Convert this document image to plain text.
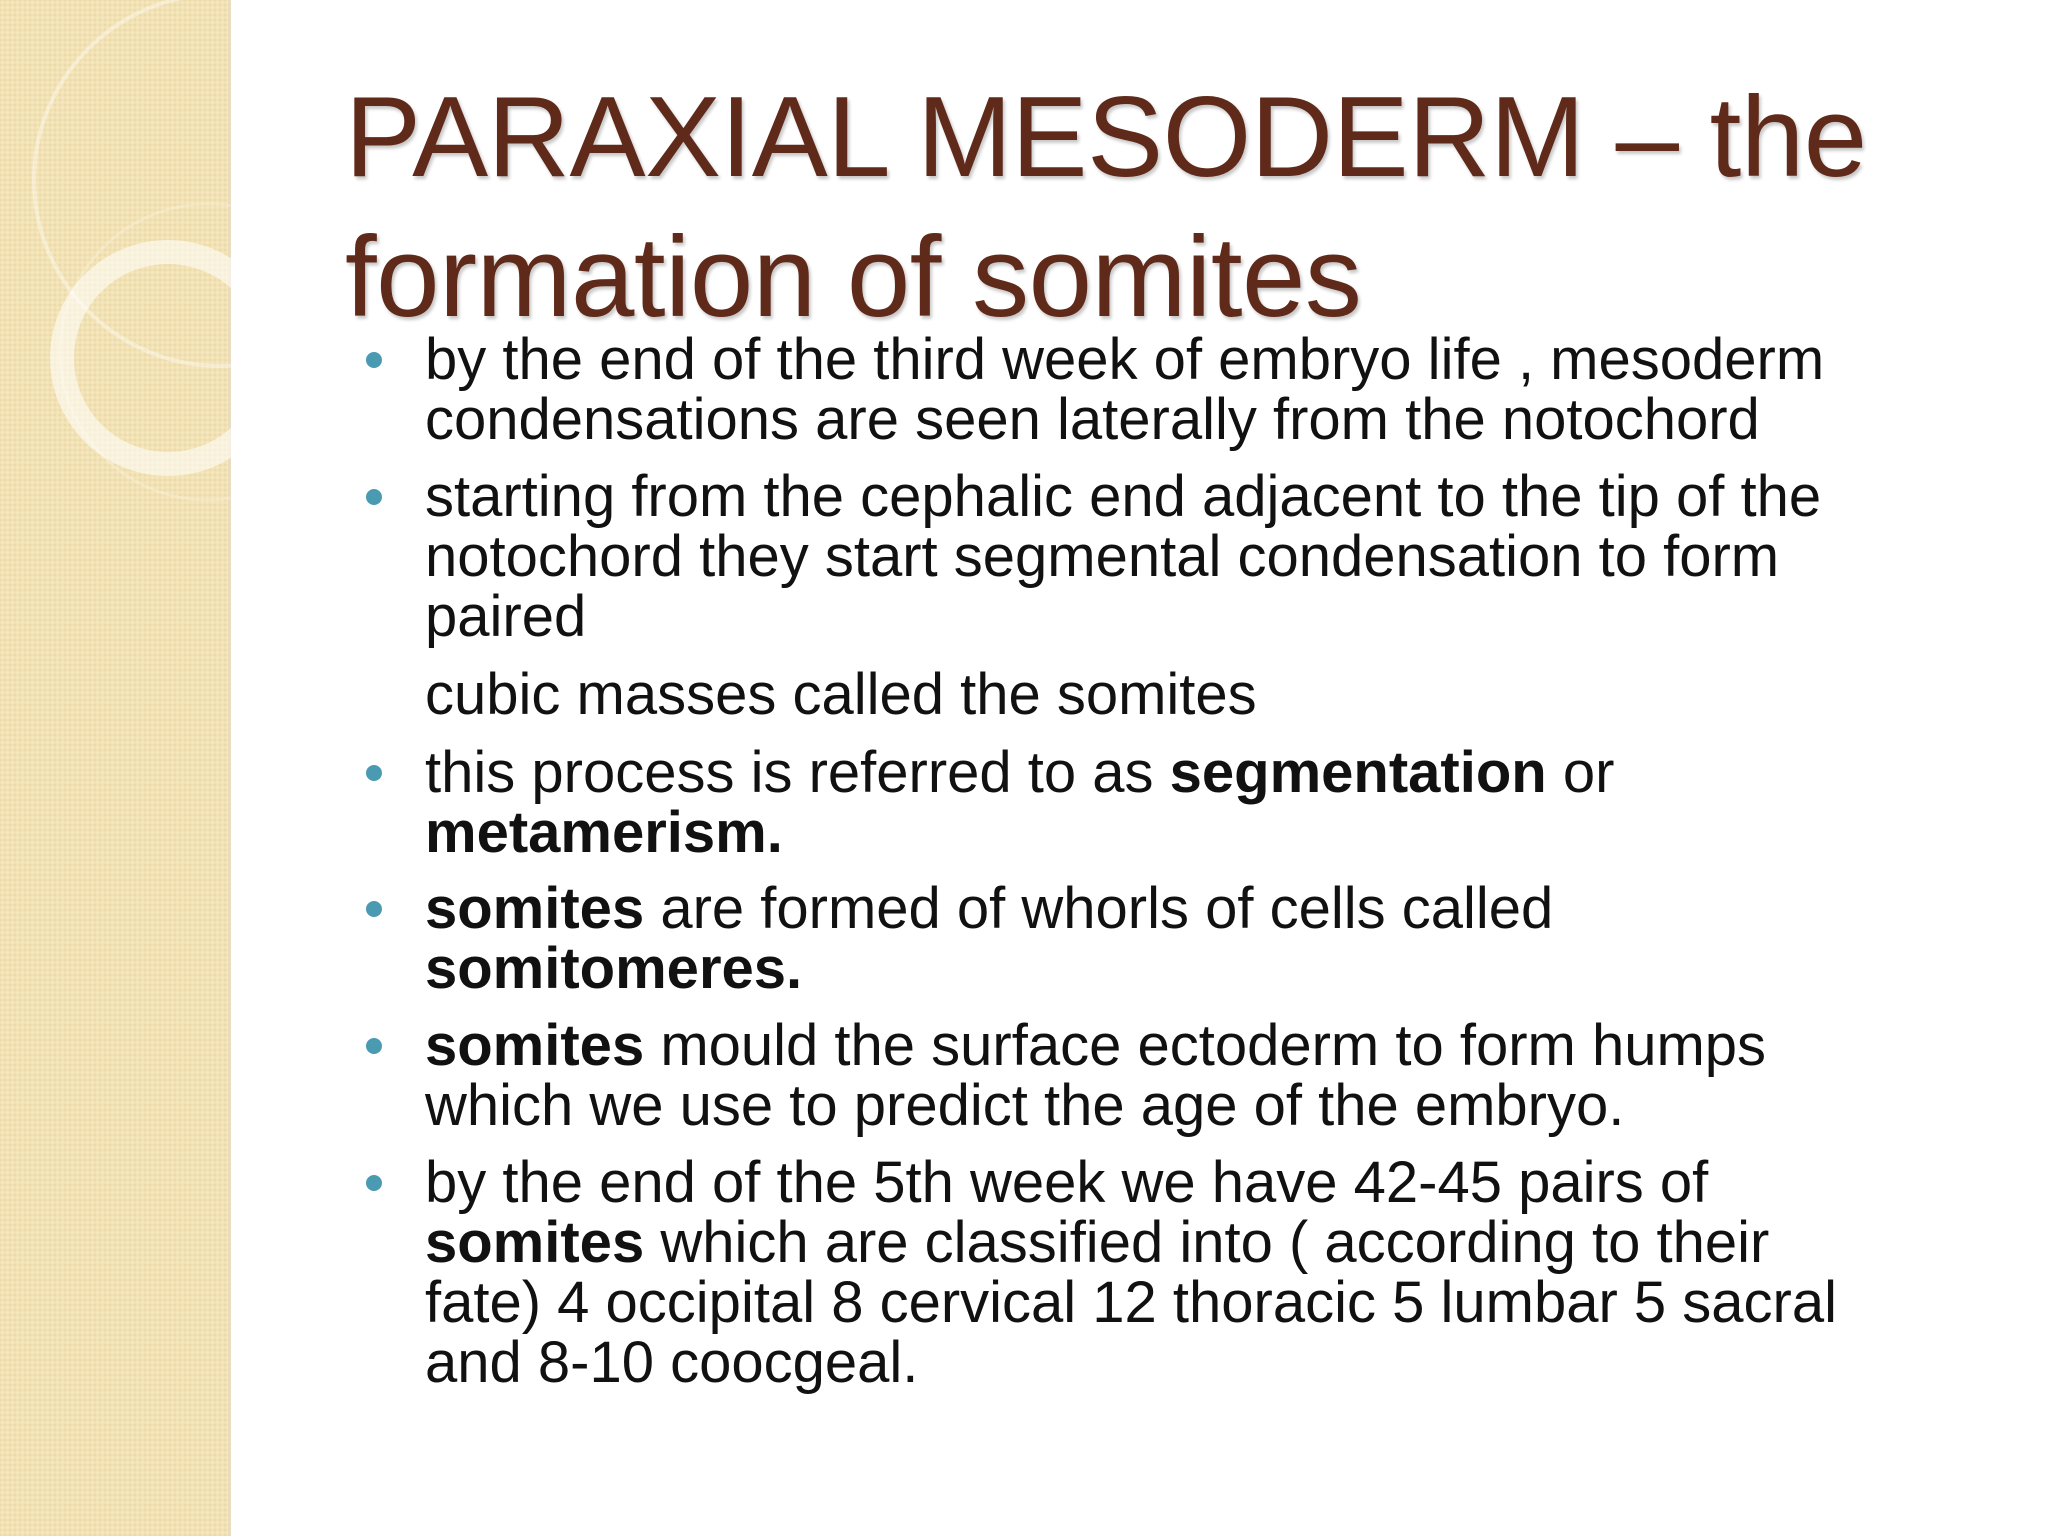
PARAXIAL MESODERM – the
formation of somites

by the end of the third week of embryo life , mesoderm

condensations are seen laterally from the notochord

starting from the cephalic end adjacent to the tip of the

notochord they start segmental condensation to form

paired

cubic masses called the somites

this process is referred to as segmentation or

metamerism.

somites are formed of whorls of cells called

somitomeres.

somites mould the surface ectoderm to form humps

which we use to predict the age of the embryo.

by the end of the 5th week we have 42-45 pairs of

somites which are classified into ( according to their

fate) 4 occipital 8 cervical 12 thoracic 5 lumbar 5 sacral

and 8-10 coocgeal.
